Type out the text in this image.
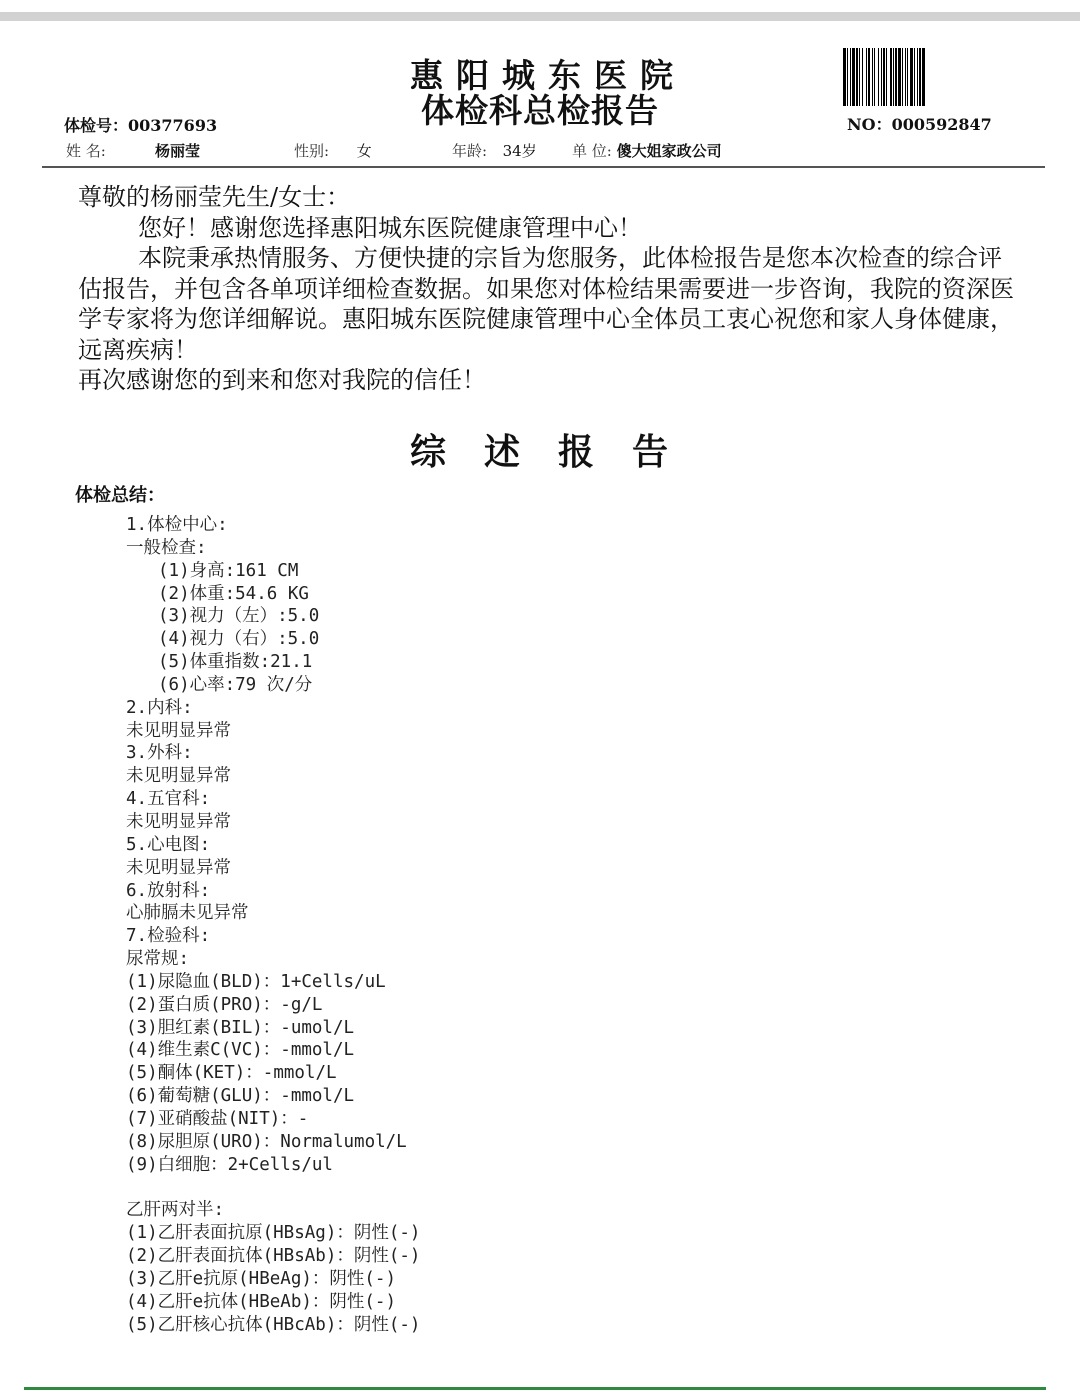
惠阳城东医院
体检科总检报告
体检号：00377693	NO：000592847
姓 名:	杨丽莹	性别: 女	年龄: 34岁 单 位: 傻大姐家政公司

尊敬的杨丽莹先生/女士：

您好！感谢您选择惠阳城东医院健康管理中心！

本院秉承热情服务、方便快捷的宗旨为您服务，此体检报告是您本次检查的综合评估报告，并包含各单项详细检查数据。如果您对体检结果需要进一步咨询，我院的资深医学专家将为您详细解说。惠阳城东医院健康管理中心全体员工衷心祝您和家人身体健康，远离疾病！

再次感谢您的到来和您对我院的信任！

综述报告
体检总结：
1.体检中心:
一般检查:
(1)身高:161 CM
(2)体重:54.6 KG
(3)视力（左）:5.0
(4)视力（右）:5.0
(5)体重指数:21.1
(6)心率:79 次/分
2.内科:
未见明显异常
3.外科:
未见明显异常
4.五官科:
未见明显异常
5.心电图:
未见明显异常
6.放射科:
心肺膈未见异常
7.检验科:
尿常规:
(1)尿隐血(BLD)：1+Cells/uL
(2)蛋白质(PRO)：-g/L
(3)胆红素(BIL)：-umol/L
(4)维生素C(VC)：-mmol/L
(5)酮体(KET)：-mmol/L
(6)葡萄糖(GLU)：-mmol/L
(7)亚硝酸盐(NIT)：-
(8)尿胆原(URO)：Normalumol/L
(9)白细胞：2+Cells/ul
乙肝两对半:
(1)乙肝表面抗原(HBsAg)：阴性(-)
(2)乙肝表面抗体(HBsAb)：阴性(-)
(3)乙肝e抗原(HBeAg)：阴性(-)
(4)乙肝e抗体(HBeAb)：阴性(-)
(5)乙肝核心抗体(HBcAb)：阴性(-)
